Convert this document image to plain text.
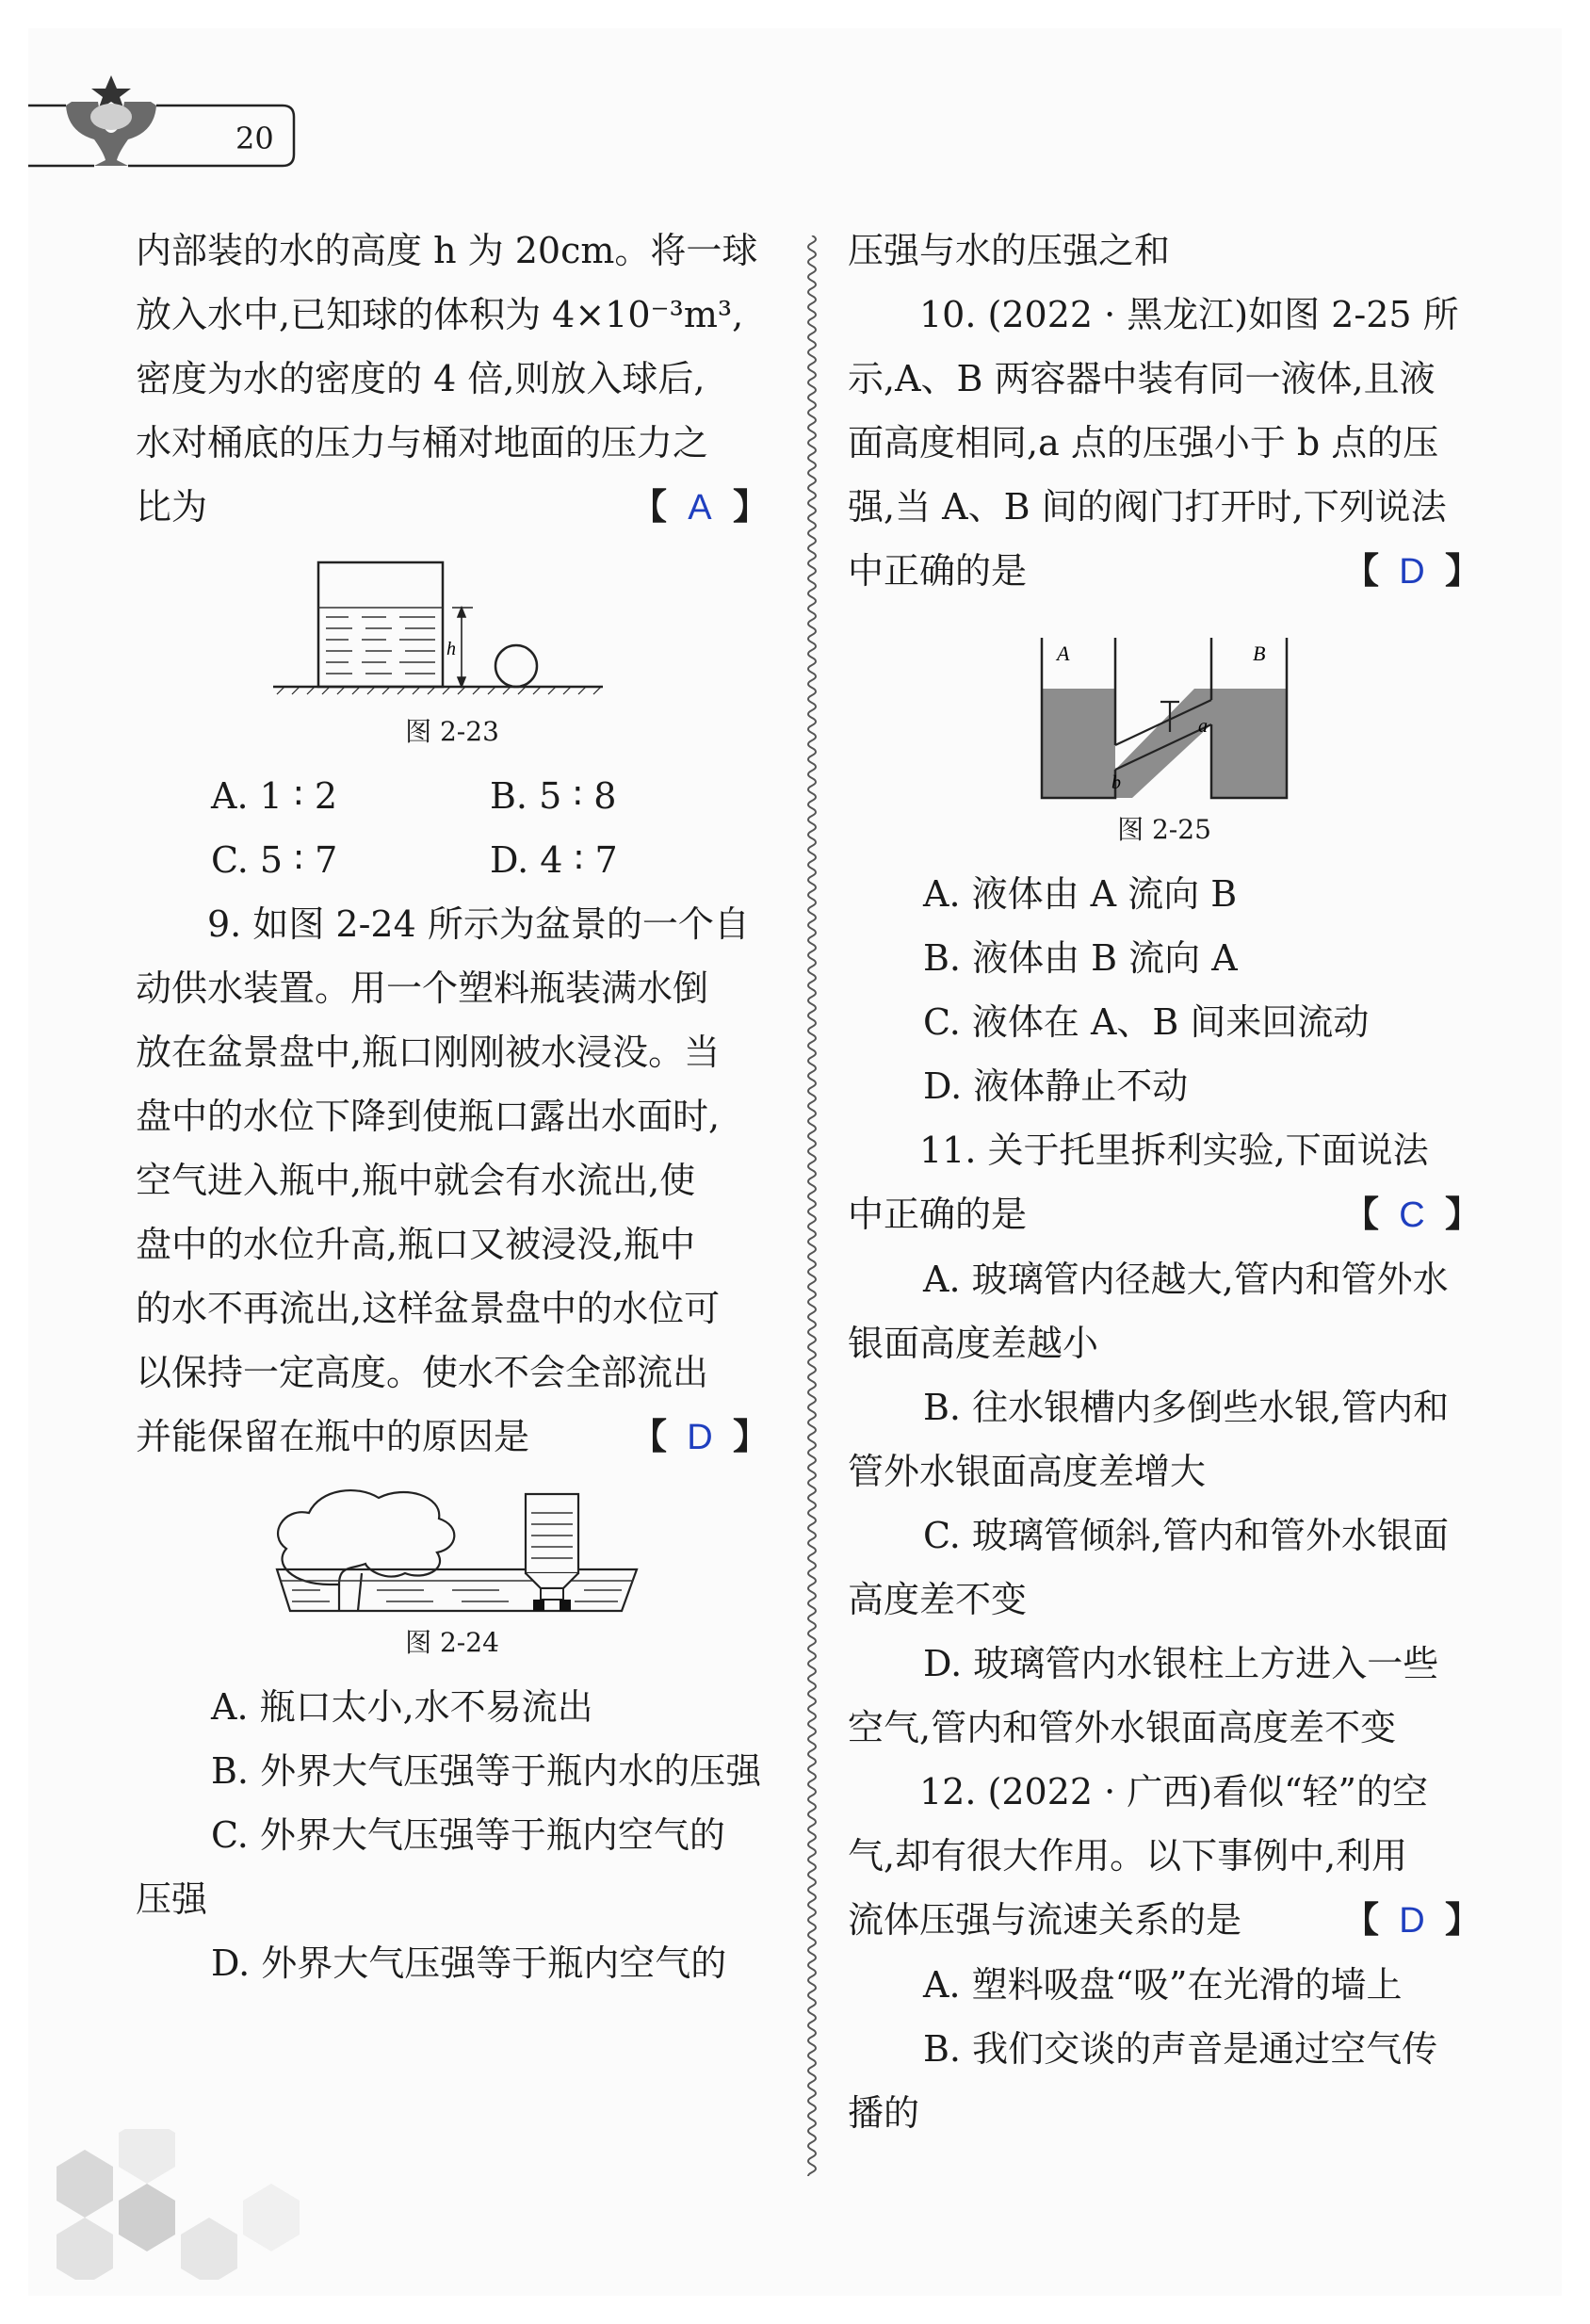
20

内部装的水的高度 h 为 20cm。将一球

放入水中,已知球的体积为 4×10⁻³m³,

密度为水的密度的 4 倍,则放入球后,

水对桶底的压力与桶对地面的压力之

比为	【 A 】
h
图 2-23
A. 1 ∶ 2	B. 5 ∶ 8
C. 5 ∶ 7	D. 4 ∶ 7

9. 如图 2-24 所示为盆景的一个自

动供水装置。用一个塑料瓶装满水倒

放在盆景盘中,瓶口刚刚被水浸没。当

盘中的水位下降到使瓶口露出水面时,

空气进入瓶中,瓶中就会有水流出,使

盘中的水位升高,瓶口又被浸没,瓶中

的水不再流出,这样盆景盘中的水位可

以保持一定高度。使水不会全部流出

并能保留在瓶中的原因是	【 D 】
图 2-24

A. 瓶口太小,水不易流出

B. 外界大气压强等于瓶内水的压强

C. 外界大气压强等于瓶内空气的

压强

D. 外界大气压强等于瓶内空气的

压强与水的压强之和

10. (2022 · 黑龙江)如图 2-25 所

示,A、B 两容器中装有同一液体,且液

面高度相同,a 点的压强小于 b 点的压

强,当 A、B 间的阀门打开时,下列说法

中正确的是	【 D 】
A	B
a
b
图 2-25

A. 液体由 A 流向 B

B. 液体由 B 流向 A

C. 液体在 A、B 间来回流动

D. 液体静止不动

11. 关于托里拆利实验,下面说法

中正确的是	【 C 】

A. 玻璃管内径越大,管内和管外水

银面高度差越小

B. 往水银槽内多倒些水银,管内和

管外水银面高度差增大

C. 玻璃管倾斜,管内和管外水银面

高度差不变

D. 玻璃管内水银柱上方进入一些

空气,管内和管外水银面高度差不变

12. (2022 · 广西)看似“轻”的空

气,却有很大作用。以下事例中,利用

流体压强与流速关系的是	【 D 】

A. 塑料吸盘“吸”在光滑的墙上

B. 我们交谈的声音是通过空气传

播的
